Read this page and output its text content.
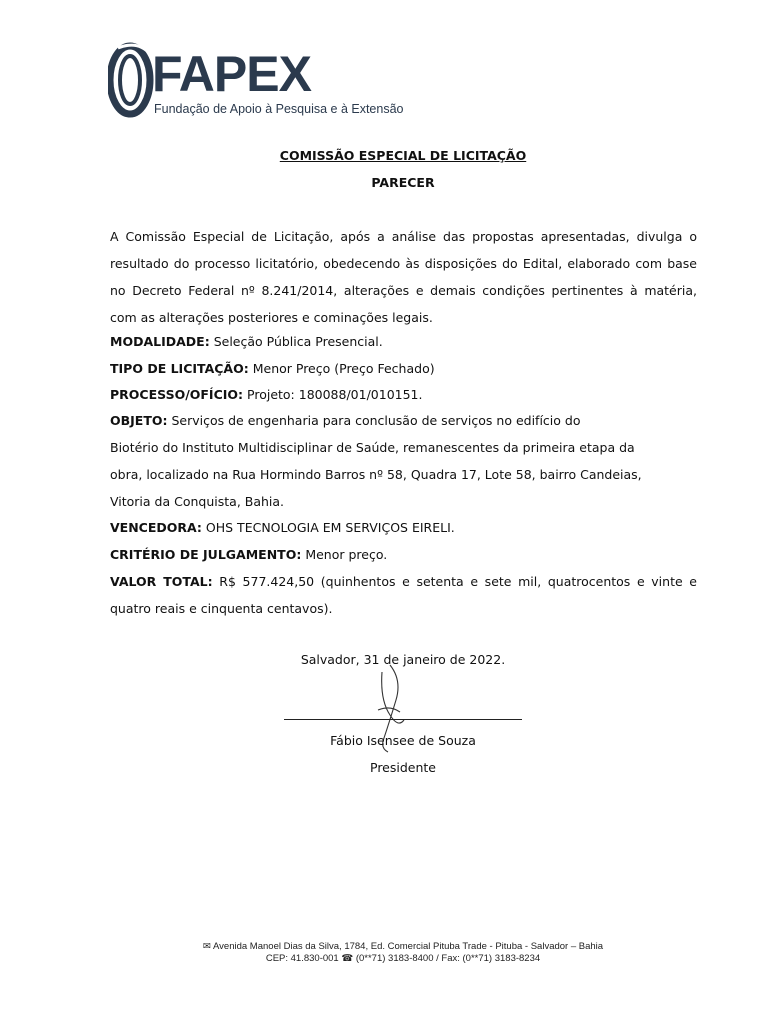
FAPEX
Fundação de Apoio à Pesquisa e à Extensão
COMISSÃO ESPECIAL DE LICITAÇÃO
PARECER
A Comissão Especial de Licitação, após a análise das propostas apresentadas, divulga o resultado do processo licitatório, obedecendo às disposições do Edital, elaborado com base no Decreto Federal nº 8.241/2014, alterações e demais condições pertinentes à matéria, com as alterações posteriores e cominações legais.
MODALIDADE: Seleção Pública Presencial.
TIPO DE LICITAÇÃO: Menor Preço (Preço Fechado)
PROCESSO/OFÍCIO: Projeto: 180088/01/010151.
OBJETO: Serviços de engenharia para conclusão de serviços no edifício do
Biotério do Instituto Multidisciplinar de Saúde, remanescentes da primeira etapa da
obra, localizado na Rua Hormindo Barros nº 58, Quadra 17, Lote 58, bairro Candeias,
Vitoria da Conquista, Bahia.
VENCEDORA: OHS TECNOLOGIA EM SERVIÇOS EIRELI.
CRITÉRIO DE JULGAMENTO: Menor preço.
VALOR TOTAL: R$ 577.424,50 (quinhentos e setenta e sete mil, quatrocentos e vinte e quatro reais e cinquenta centavos).
Salvador, 31 de janeiro de 2022.
Fábio Isensee de Souza
Presidente
✉ Avenida Manoel Dias da Silva, 1784, Ed. Comercial Pituba Trade - Pituba - Salvador – Bahia
CEP: 41.830-001 ☎ (0**71) 3183-8400 / Fax: (0**71) 3183-8234
